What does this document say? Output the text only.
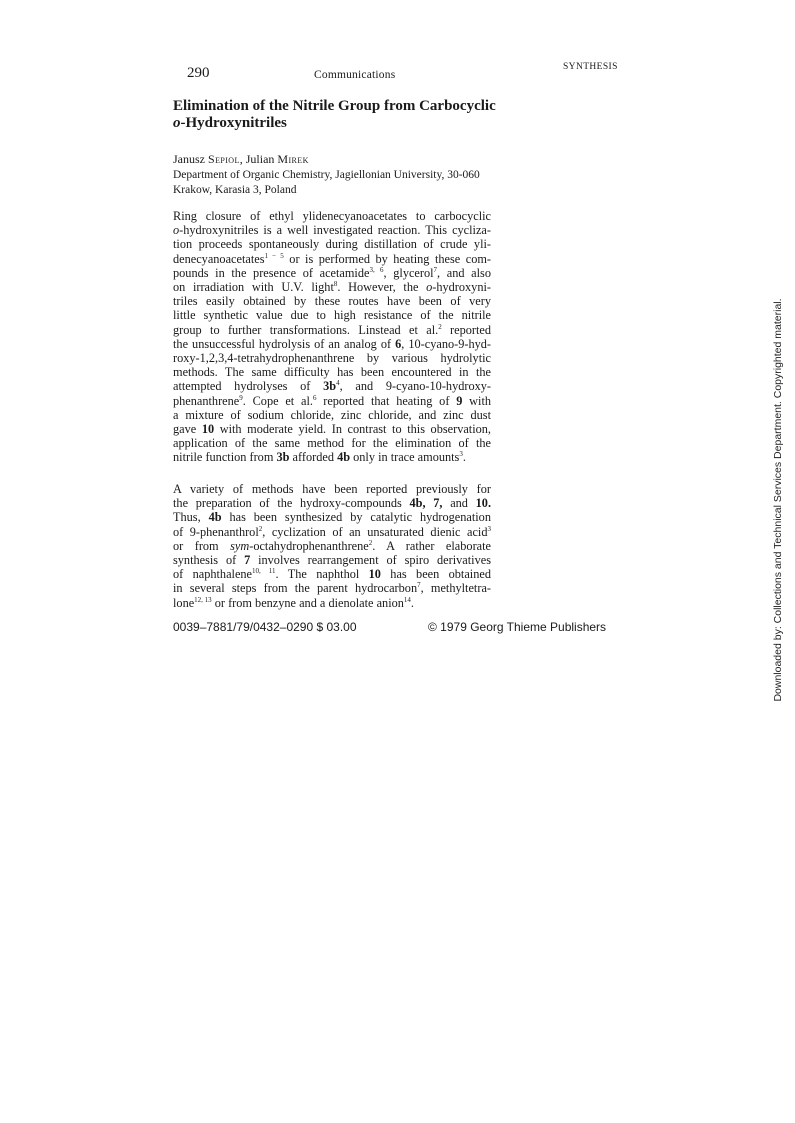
290	Communications
SYNTHESIS
Elimination of the Nitrile Group from Carbocyclic
o-Hydroxynitriles
Janusz Sepiol, Julian Mirek
Department of Organic Chemistry, Jagiellonian University, 30-060
Krakow, Karasia 3, Poland
Ring closure of ethyl ylidenecyanoacetates to carbocyclic
o-hydroxynitriles is a well investigated reaction. This cycliza-
tion proceeds spontaneously during distillation of crude yli-
denecyanoacetates$^{1 - 5}$ or is performed by heating these com-
pounds in the presence of acetamide$^{3, 6}$, glycerol$^7$, and also
on irradiation with U.V. light$^8$. However, the o-hydroxyni-
triles easily obtained by these routes have been of very
little synthetic value due to high resistance of the nitrile
group to further transformations. Linstead et al.$^2$ reported
the unsuccessful hydrolysis of an analog of 6, 10-cyano-9-hyd-
roxy-1,2,3,4-tetrahydrophenanthrene by various hydrolytic
methods. The same difficulty has been encountered in the
attempted hydrolyses of $3b^4$, and 9-cyano-10-hydroxy-
phenanthrene$^9$. Cope et al.$^6$ reported that heating of 9 with
a mixture of sodium chloride, zinc chloride, and zinc dust
gave 10 with moderate yield. In contrast to this observation,
application of the same method for the elimination of the
nitrile function from 3b afforded 4b only in trace amounts$^3$.
A variety of methods have been reported previously for
the preparation of the hydroxy-compounds 4b, 7, and 10.
Thus, 4b has been synthesized by catalytic hydrogenation
of 9-phenanthrol$^2$, cyclization of an unsaturated dienic acid$^3$
or from sym-octahydrophenanthrene$^2$. A rather elaborate
synthesis of 7 involves rearrangement of spiro derivatives
of naphthalene$^{10, 11}$. The naphthol 10 has been obtained
in several steps from the parent hydrocarbon$^7$, methyltetra-
lone$^{12, 13}$ or from benzyne and a dienolate anion$^{14}$.
0039–7881/79/0432–0290 $ 03.00	© 1979 Georg Thieme Publishers	Downloaded by: Collections and Technical Services Department. Copyrighted material.
